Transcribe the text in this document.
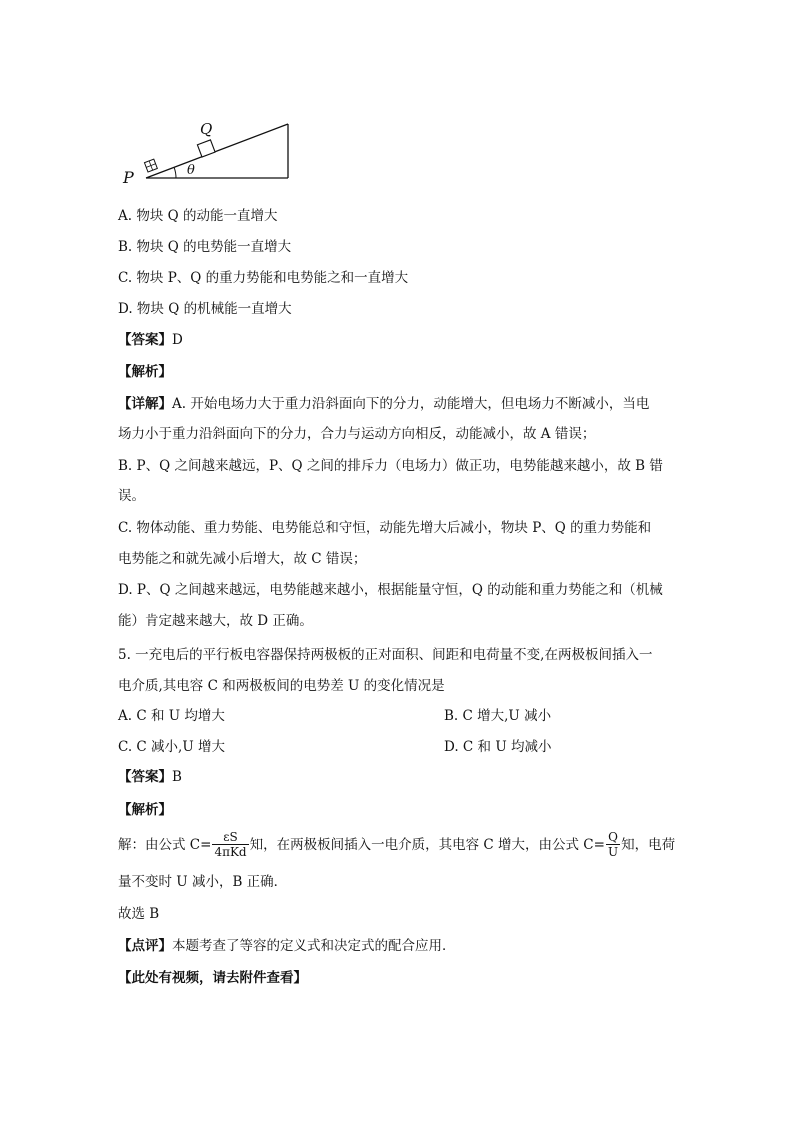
P
Q
θ
A. 物块 Q 的动能一直增大
B. 物块 Q 的电势能一直增大
C. 物块 P、Q 的重力势能和电势能之和一直增大
D. 物块 Q 的机械能一直增大
【答案】D
【解析】
【详解】A. 开始电场力大于重力沿斜面向下的分力，动能增大，但电场力不断减小，当电
场力小于重力沿斜面向下的分力，合力与运动方向相反，动能减小，故 A 错误；
B. P、Q 之间越来越远，P、Q 之间的排斥力（电场力）做正功，电势能越来越小，故 B 错
误。
C. 物体动能、重力势能、电势能总和守恒，动能先增大后减小，物块 P、Q 的重力势能和
电势能之和就先减小后增大，故 C 错误；
D. P、Q 之间越来越远，电势能越来越小，根据能量守恒，Q 的动能和重力势能之和（机械
能）肯定越来越大，故 D 正确。
5. 一充电后的平行板电容器保持两极板的正对面积、间距和电荷量不变,在两极板间插入一
电介质,其电容 C 和两极板间的电势差 U 的变化情况是
A. C 和 U 均增大	B. C 增大,U 减小
C. C 减小,U 增大	D. C 和 U 均减小
【答案】B
【解析】
解：由公式 $C= \frac{\varepsilon S}{\text{4πKd}}$ 知，在两极板间插入一电介质，其电容 C 增大，由公式 $C= \frac{Q}{U}$ 知，电荷
量不变时 U 减小，B 正确．
故选 B
【点评】本题考查了等容的定义式和决定式的配合应用．
【此处有视频，请去附件查看】
